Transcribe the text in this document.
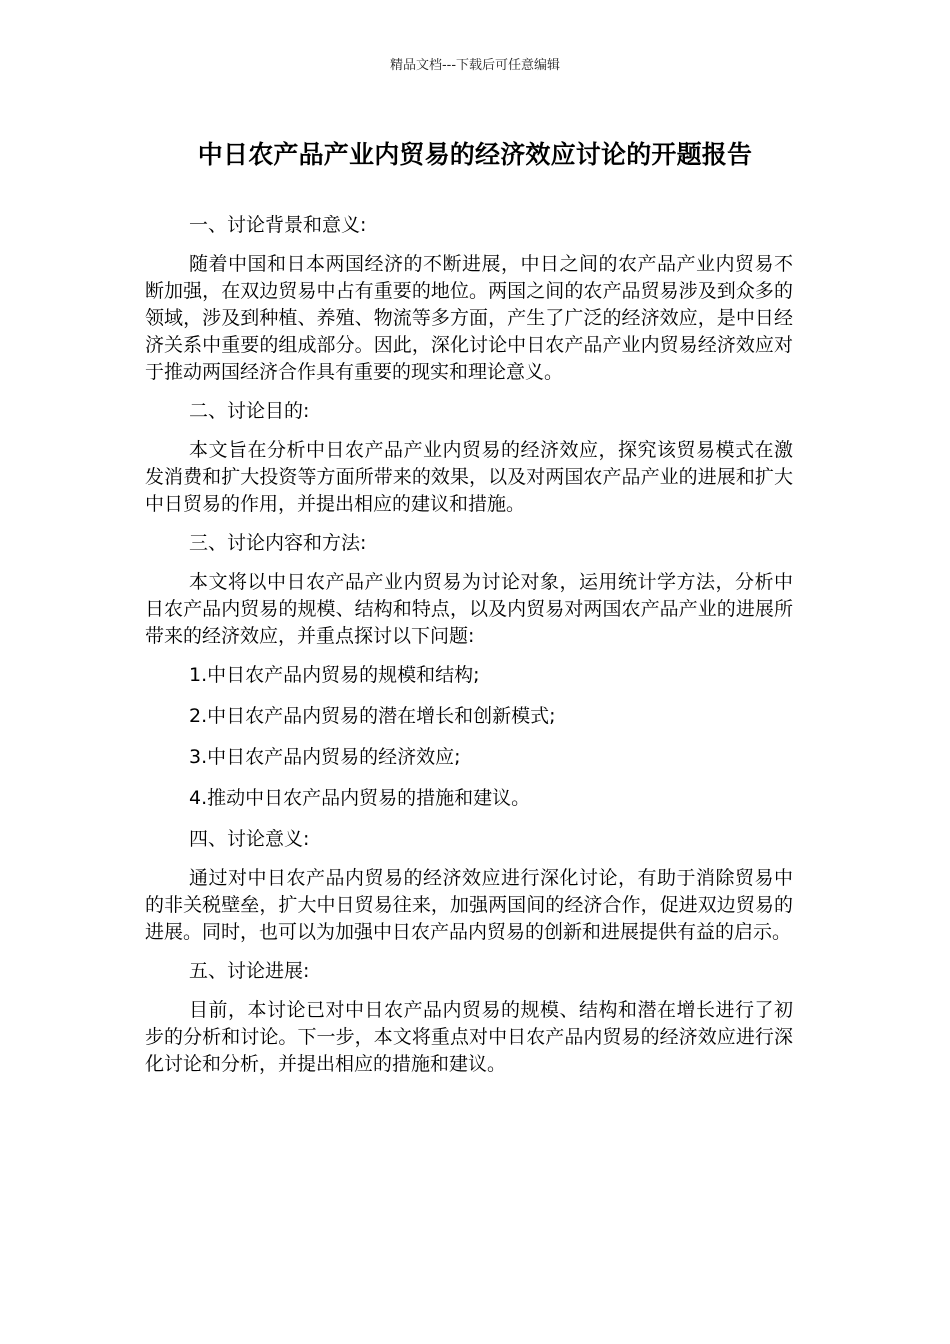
精品文档---下载后可任意编辑
中日农产品产业内贸易的经济效应讨论的开题报告

一、讨论背景和意义:

随着中国和日本两国经济的不断进展，中日之间的农产品产业内贸易不断加强，在双边贸易中占有重要的地位。两国之间的农产品贸易涉及到众多的领域，涉及到种植、养殖、物流等多方面，产生了广泛的经济效应，是中日经济关系中重要的组成部分。因此，深化讨论中日农产品产业内贸易经济效应对于推动两国经济合作具有重要的现实和理论意义。

二、讨论目的:

本文旨在分析中日农产品产业内贸易的经济效应，探究该贸易模式在激发消费和扩大投资等方面所带来的效果，以及对两国农产品产业的进展和扩大中日贸易的作用，并提出相应的建议和措施。

三、讨论内容和方法:

本文将以中日农产品产业内贸易为讨论对象，运用统计学方法，分析中日农产品内贸易的规模、结构和特点，以及内贸易对两国农产品产业的进展所带来的经济效应，并重点探讨以下问题:

1.中日农产品内贸易的规模和结构;

2.中日农产品内贸易的潜在增长和创新模式;

3.中日农产品内贸易的经济效应;

4.推动中日农产品内贸易的措施和建议。

四、讨论意义:

通过对中日农产品内贸易的经济效应进行深化讨论，有助于消除贸易中的非关税壁垒，扩大中日贸易往来，加强两国间的经济合作，促进双边贸易的进展。同时，也可以为加强中日农产品内贸易的创新和进展提供有益的启示。

五、讨论进展:

目前，本讨论已对中日农产品内贸易的规模、结构和潜在增长进行了初步的分析和讨论。下一步，本文将重点对中日农产品内贸易的经济效应进行深化讨论和分析，并提出相应的措施和建议。
